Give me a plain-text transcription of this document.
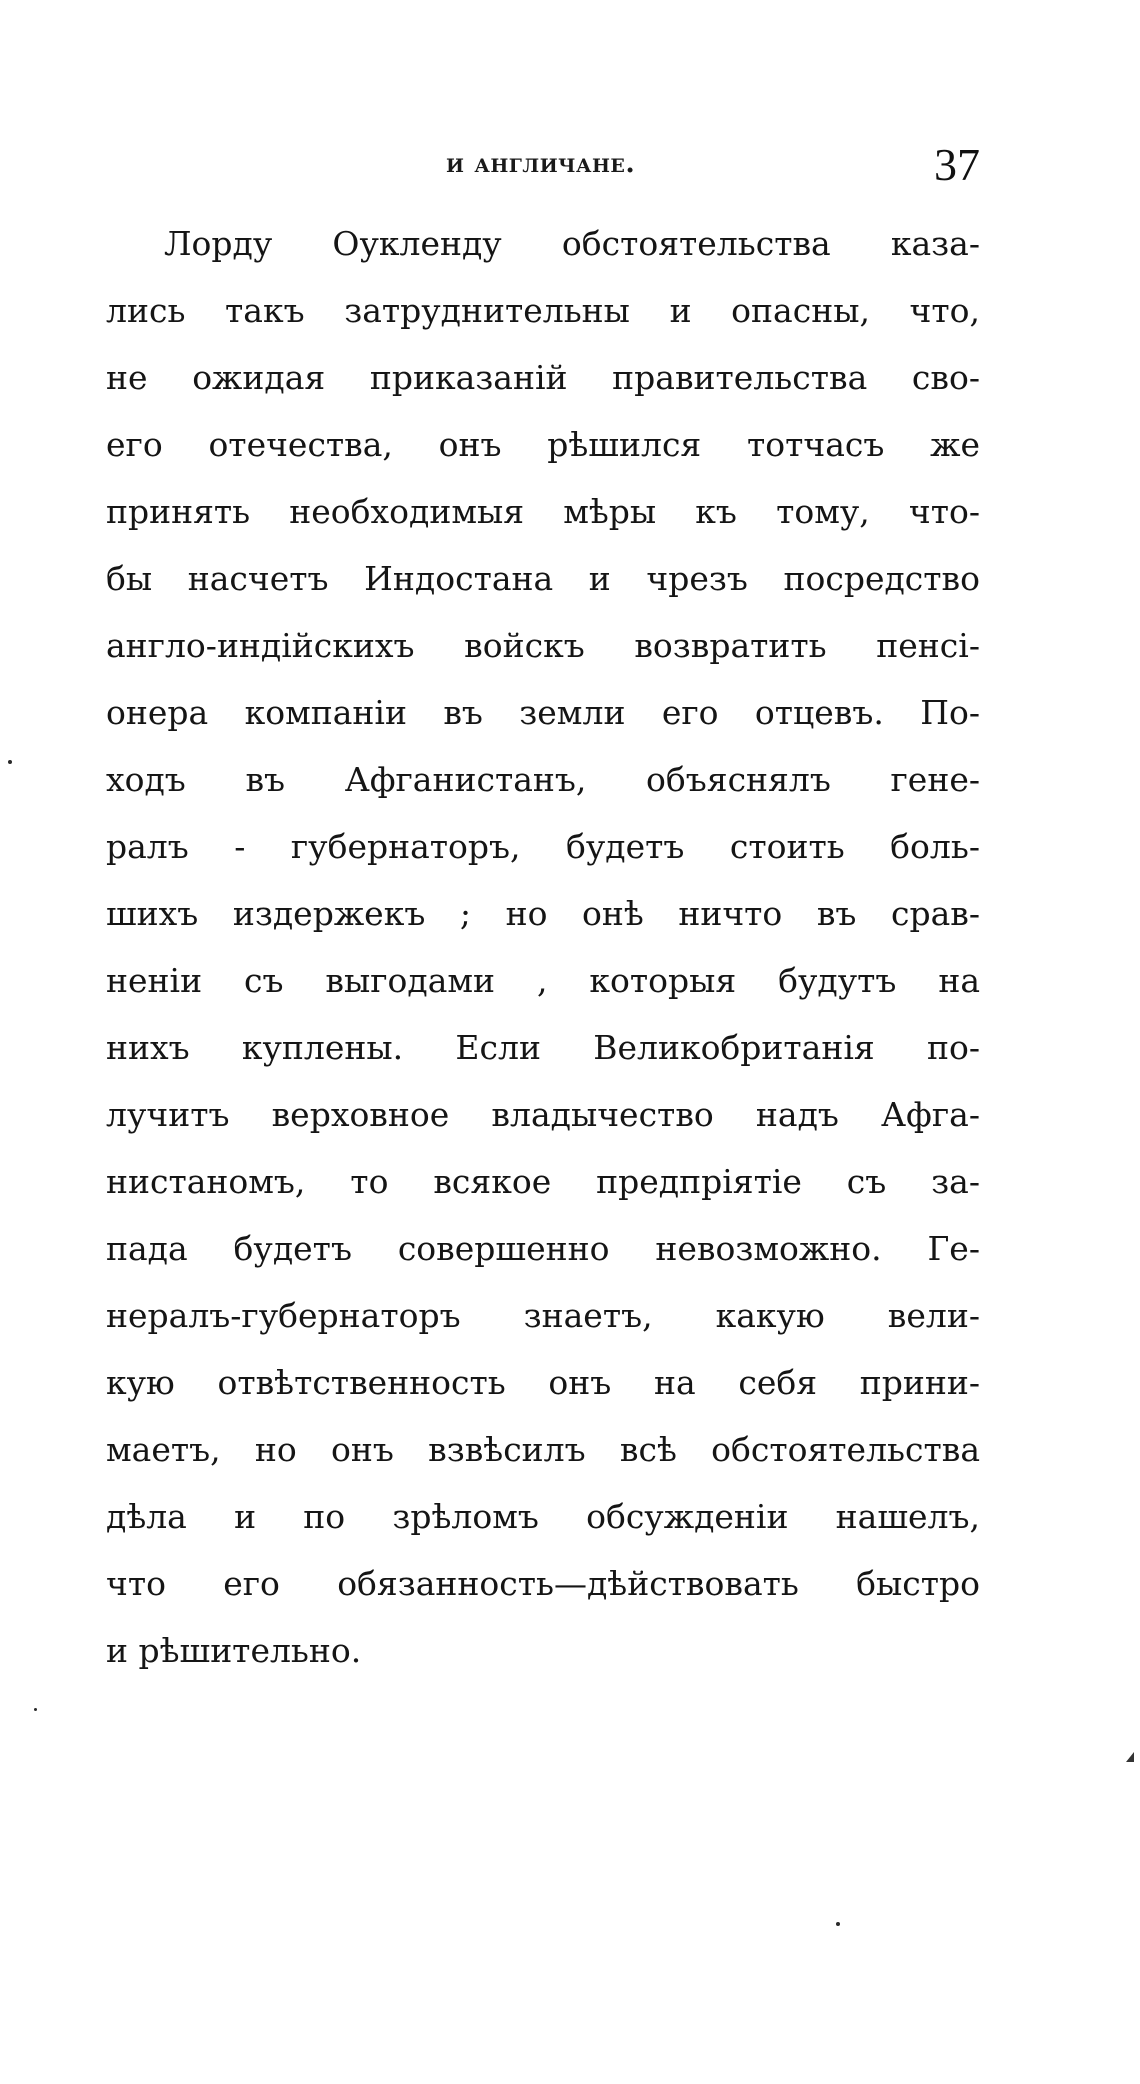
и англичане.	37
Лорду Оукленду обстоятельства каза-
лись такъ затруднительны и опасны, что,
не ожидая приказаній правительства сво-
его отечества, онъ рѣшился тотчасъ же
принять необходимыя мѣры къ тому, что-
бы насчетъ Индостана и чрезъ посредство
англо-индійскихъ войскъ возвратить пенсі-
онера компаніи въ земли его отцевъ. По-
ходъ въ Афганистанъ, объяснялъ гене-
ралъ - губернаторъ, будетъ стоить боль-
шихъ издержекъ ; но онѣ ничто въ срав-
неніи съ выгодами , которыя будутъ на
нихъ куплены. Если Великобританія по-
лучитъ верховное владычество надъ Афга-
нистаномъ, то всякое предпріятіе съ за-
пада будетъ совершенно невозможно. Ге-
нералъ-губернаторъ знаетъ, какую вели-
кую отвѣтственность онъ на себя прини-
маетъ, но онъ взвѣсилъ всѣ обстоятельства
дѣла и по зрѣломъ обсужденіи нашелъ,
что его обязанность—дѣйствовать быстро
и рѣшительно.
